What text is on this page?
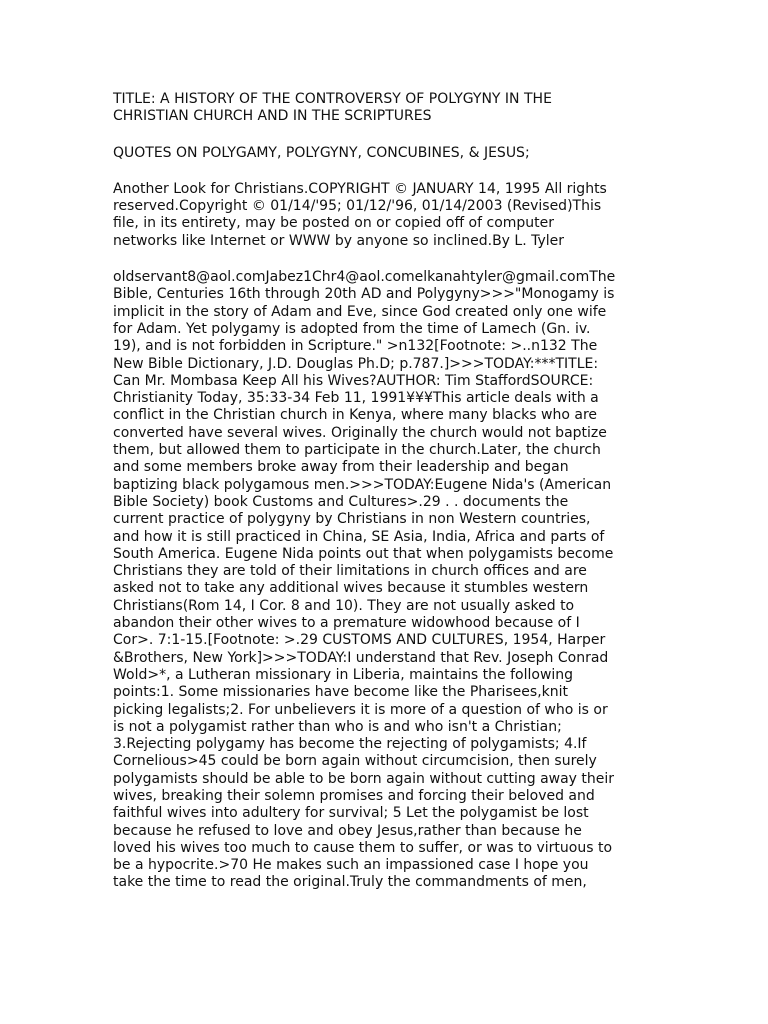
TITLE: A HISTORY OF THE CONTROVERSY OF POLYGYNY IN THE
CHRISTIAN CHURCH AND IN THE SCRIPTURES
QUOTES ON POLYGAMY, POLYGYNY, CONCUBINES, & JESUS;
Another Look for Christians.COPYRIGHT © JANUARY 14, 1995 All rights
reserved.Copyright © 01/14/'95; 01/12/'96, 01/14/2003 (Revised)This
file, in its entirety, may be posted on or copied off of computer
networks like Internet or WWW by anyone so inclined.By L. Tyler
oldservant8@aol.comJabez1Chr4@aol.comelkanahtyler@gmail.comThe
Bible, Centuries 16th through 20th AD and Polygyny>>>"Monogamy is
implicit in the story of Adam and Eve, since God created only one wife
for Adam. Yet polygamy is adopted from the time of Lamech (Gn. iv.
19), and is not forbidden in Scripture." >n132[Footnote: >..n132 The
New Bible Dictionary, J.D. Douglas Ph.D; p.787.]>>>TODAY:***TITLE:
Can Mr. Mombasa Keep All his Wives?AUTHOR: Tim StaffordSOURCE:
Christianity Today, 35:33-34 Feb 11, 1991¥¥¥This article deals with a
conflict in the Christian church in Kenya, where many blacks who are
converted have several wives. Originally the church would not baptize
them, but allowed them to participate in the church.Later, the church
and some members broke away from their leadership and began
baptizing black polygamous men.>>>TODAY:Eugene Nida's (American
Bible Society) book Customs and Cultures>.29 . . documents the
current practice of polygyny by Christians in non Western countries,
and how it is still practiced in China, SE Asia, India, Africa and parts of
South America. Eugene Nida points out that when polygamists become
Christians they are told of their limitations in church offices and are
asked not to take any additional wives because it stumbles western
Christians(Rom 14, I Cor. 8 and 10). They are not usually asked to
abandon their other wives to a premature widowhood because of I
Cor>. 7:1-15.[Footnote: >.29 CUSTOMS AND CULTURES, 1954, Harper
&Brothers, New York]>>>TODAY:I understand that Rev. Joseph Conrad
Wold>*, a Lutheran missionary in Liberia, maintains the following
points:1. Some missionaries have become like the Pharisees,knit
picking legalists;2. For unbelievers it is more of a question of who is or
is not a polygamist rather than who is and who isn't a Christian;
3.Rejecting polygamy has become the rejecting of polygamists; 4.If
Cornelious>45 could be born again without circumcision, then surely
polygamists should be able to be born again without cutting away their
wives, breaking their solemn promises and forcing their beloved and
faithful wives into adultery for survival; 5 Let the polygamist be lost
because he refused to love and obey Jesus,rather than because he
loved his wives too much to cause them to suffer, or was to virtuous to
be a hypocrite.>70 He makes such an impassioned case I hope you
take the time to read the original.Truly the commandments of men,
